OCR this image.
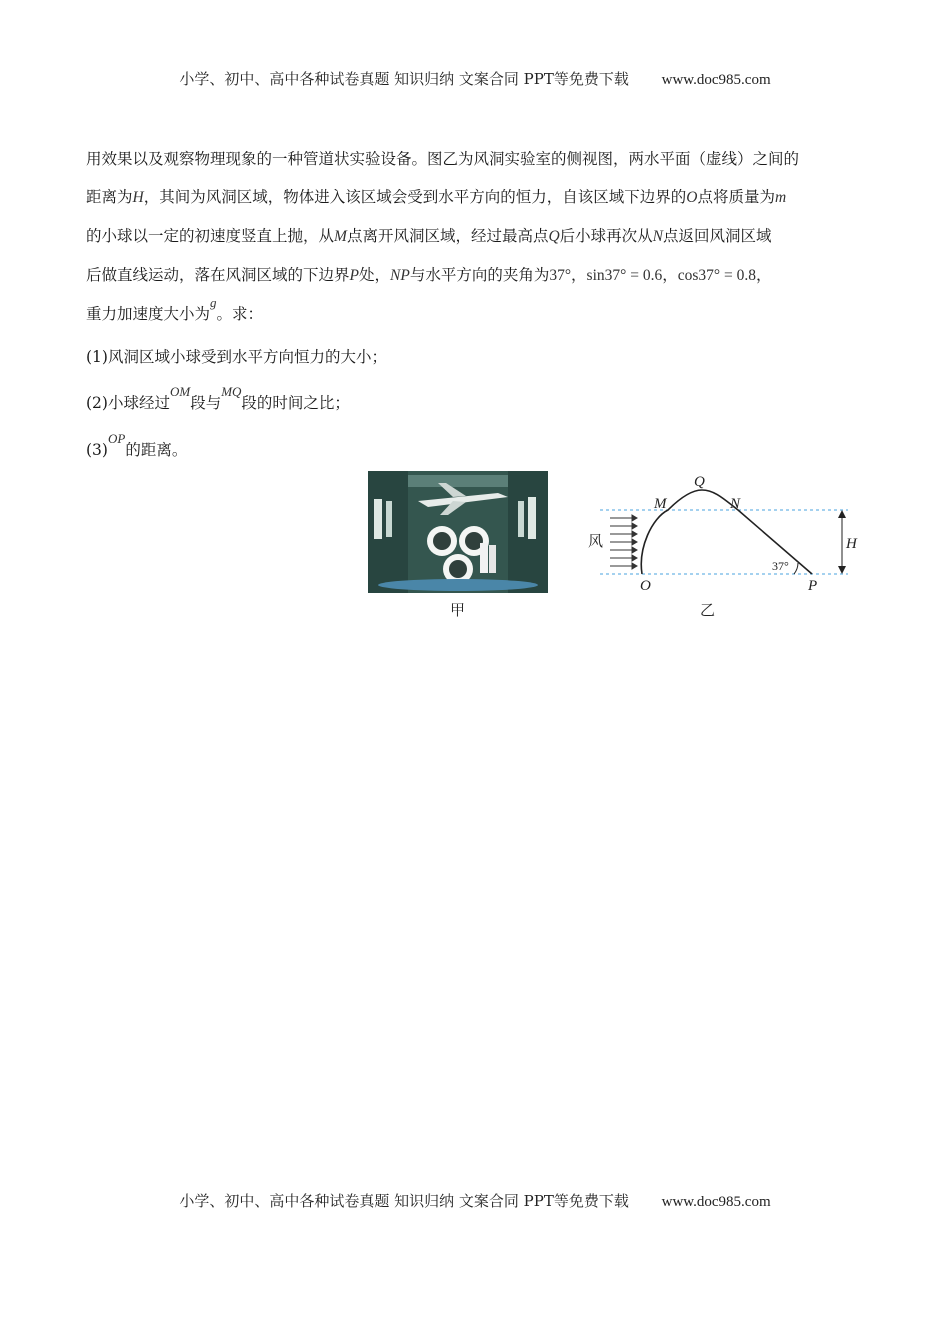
小学、初中、高中各种试卷真题 知识归纳 文案合同 PPT等免费下载 www.doc985.com

用效果以及观察物理现象的一种管道状实验设备。图乙为风洞实验室的侧视图，两水平面（虚线）之间的

距离为H，其间为风洞区域，物体进入该区域会受到水平方向的恒力，自该区域下边界的O点将质量为m

的小球以一定的初速度竖直上抛，从M点离开风洞区域，经过最高点Q后小球再次从N点返回风洞区域

后做直线运动，落在风洞区域的下边界P处，NP与水平方向的夹角为37°，sin37° = 0.6，cos37° = 0.8，

重力加速度大小为$^g$。求：

(1)风洞区域小球受到水平方向恒力的大小；

(2)小球经过$^{OM}$段与$^{MQ}$段的时间之比；

$(3)^{OP}$的距离。

甲
风
M
Q
N
O	P
H
37°
乙
小学、初中、高中各种试卷真题 知识归纳 文案合同 PPT等免费下载 www.doc985.com
